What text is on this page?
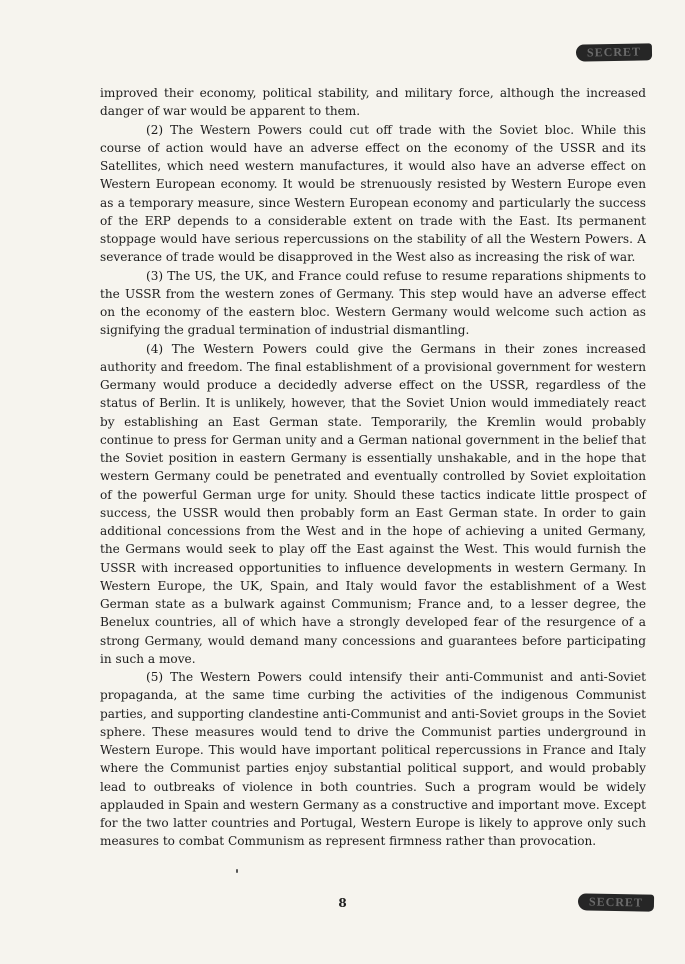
SECRET

improved their economy, political stability, and military force, although the increased danger of war would be apparent to them.

(2) The Western Powers could cut off trade with the Soviet bloc. While this course of action would have an adverse effect on the economy of the USSR and its Satellites, which need western manufactures, it would also have an adverse effect on Western European economy. It would be strenuously resisted by Western Europe even as a temporary measure, since Western European economy and particularly the success of the ERP depends to a considerable extent on trade with the East. Its permanent stoppage would have serious repercussions on the stability of all the Western Powers. A severance of trade would be disapproved in the West also as increasing the risk of war.

(3) The US, the UK, and France could refuse to resume reparations shipments to the USSR from the western zones of Germany. This step would have an adverse effect on the economy of the eastern bloc. Western Germany would welcome such action as signifying the gradual termination of industrial dismantling.

(4) The Western Powers could give the Germans in their zones increased authority and freedom. The final establishment of a provisional government for western Germany would produce a decidedly adverse effect on the USSR, regardless of the status of Berlin. It is unlikely, however, that the Soviet Union would immediately react by establishing an East German state. Temporarily, the Kremlin would probably continue to press for German unity and a German national government in the belief that the Soviet position in eastern Germany is essentially unshakable, and in the hope that western Germany could be penetrated and eventually controlled by Soviet exploitation of the powerful German urge for unity. Should these tactics indicate little prospect of success, the USSR would then probably form an East German state. In order to gain additional concessions from the West and in the hope of achieving a united Germany, the Germans would seek to play off the East against the West. This would furnish the USSR with increased opportunities to influence developments in western Germany. In Western Europe, the UK, Spain, and Italy would favor the establishment of a West German state as a bulwark against Communism; France and, to a lesser degree, the Benelux countries, all of which have a strongly developed fear of the resurgence of a strong Germany, would demand many concessions and guarantees before participating in such a move.

(5) The Western Powers could intensify their anti-Communist and anti-Soviet propaganda, at the same time curbing the activities of the indigenous Communist parties, and supporting clandestine anti-Communist and anti-Soviet groups in the Soviet sphere. These measures would tend to drive the Communist parties underground in Western Europe. This would have important political repercussions in France and Italy where the Communist parties enjoy substantial political support, and would probably lead to outbreaks of violence in both countries. Such a program would be widely applauded in Spain and western Germany as a constructive and important move. Except for the two latter countries and Portugal, Western Europe is likely to approve only such measures to combat Communism as represent firmness rather than provocation.

8	SECRET
